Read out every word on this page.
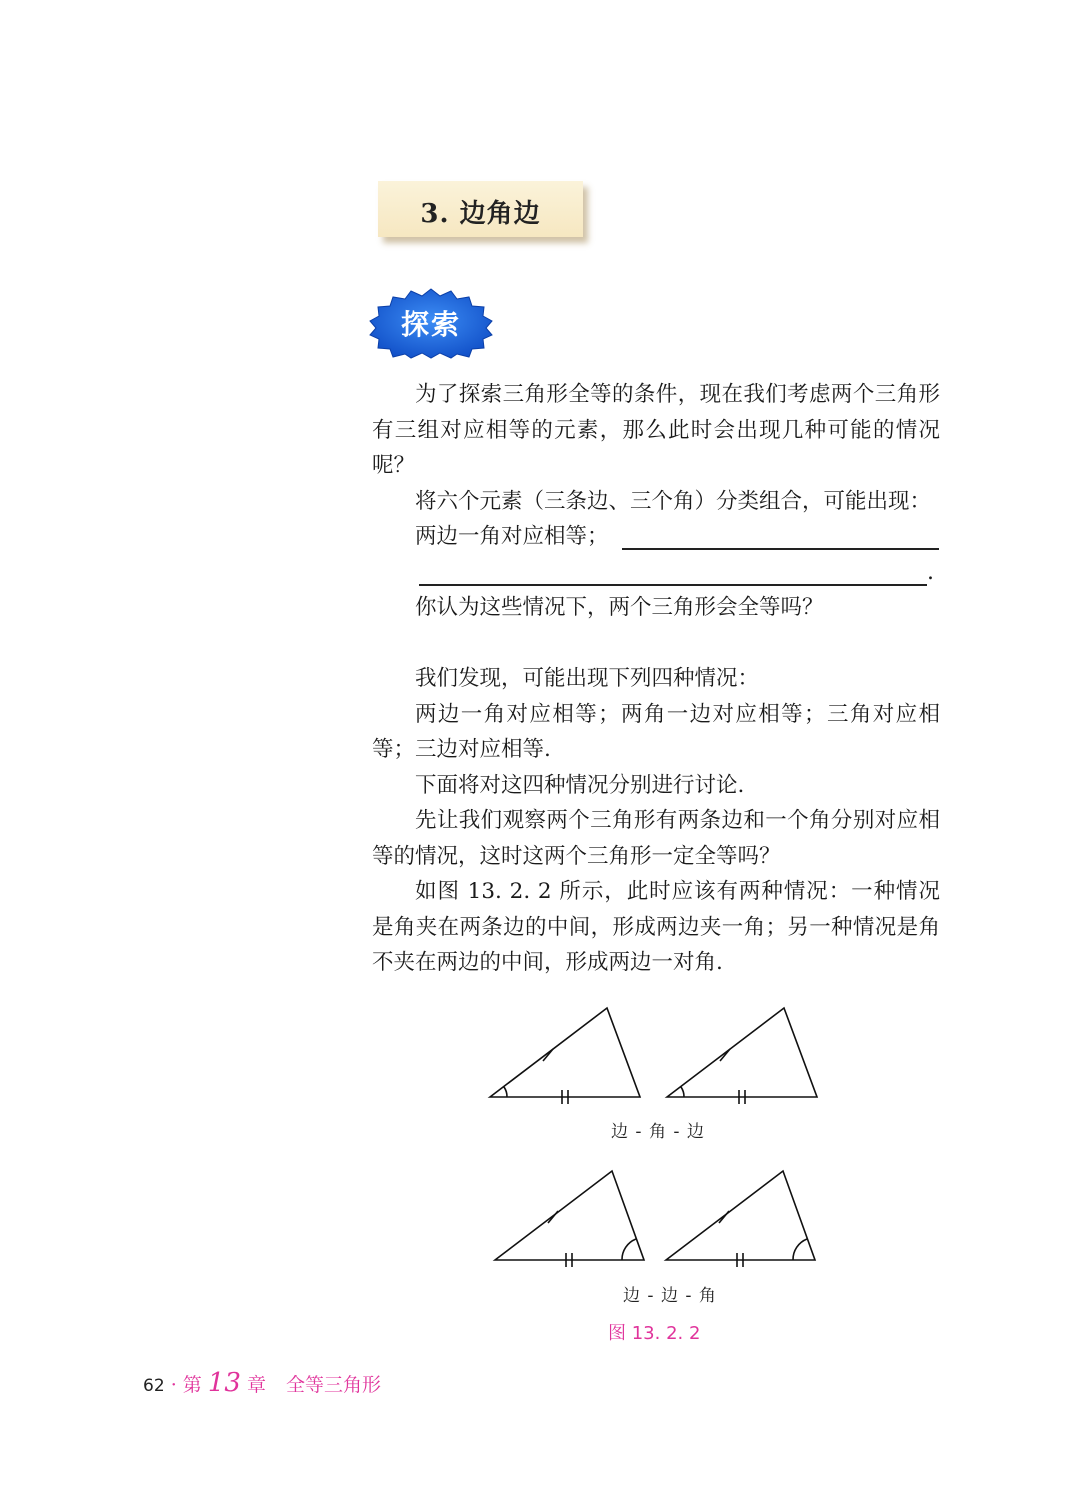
3. 边角边
探索

为了探索三角形全等的条件，现在我们考虑两个三角形有三组对应相等的元素，那么此时会出现几种可能的情况呢？

将六个元素（三条边、三个角）分类组合，可能出现：

两边一角对应相等；

.

你认为这些情况下，两个三角形会全等吗？

我们发现，可能出现下列四种情况：

两边一角对应相等；两角一边对应相等；三角对应相等；三边对应相等.

下面将对这四种情况分别进行讨论.

先让我们观察两个三角形有两条边和一个角分别对应相等的情况，这时这两个三角形一定全等吗？

如图 13. 2. 2 所示，此时应该有两种情况：一种情况是角夹在两条边的中间，形成两边夹一角；另一种情况是角不夹在两边的中间，形成两边一对角.

边 - 角 - 边
边 - 边 - 角
图 13. 2. 2
62 · 第 13 章 全等三角形
